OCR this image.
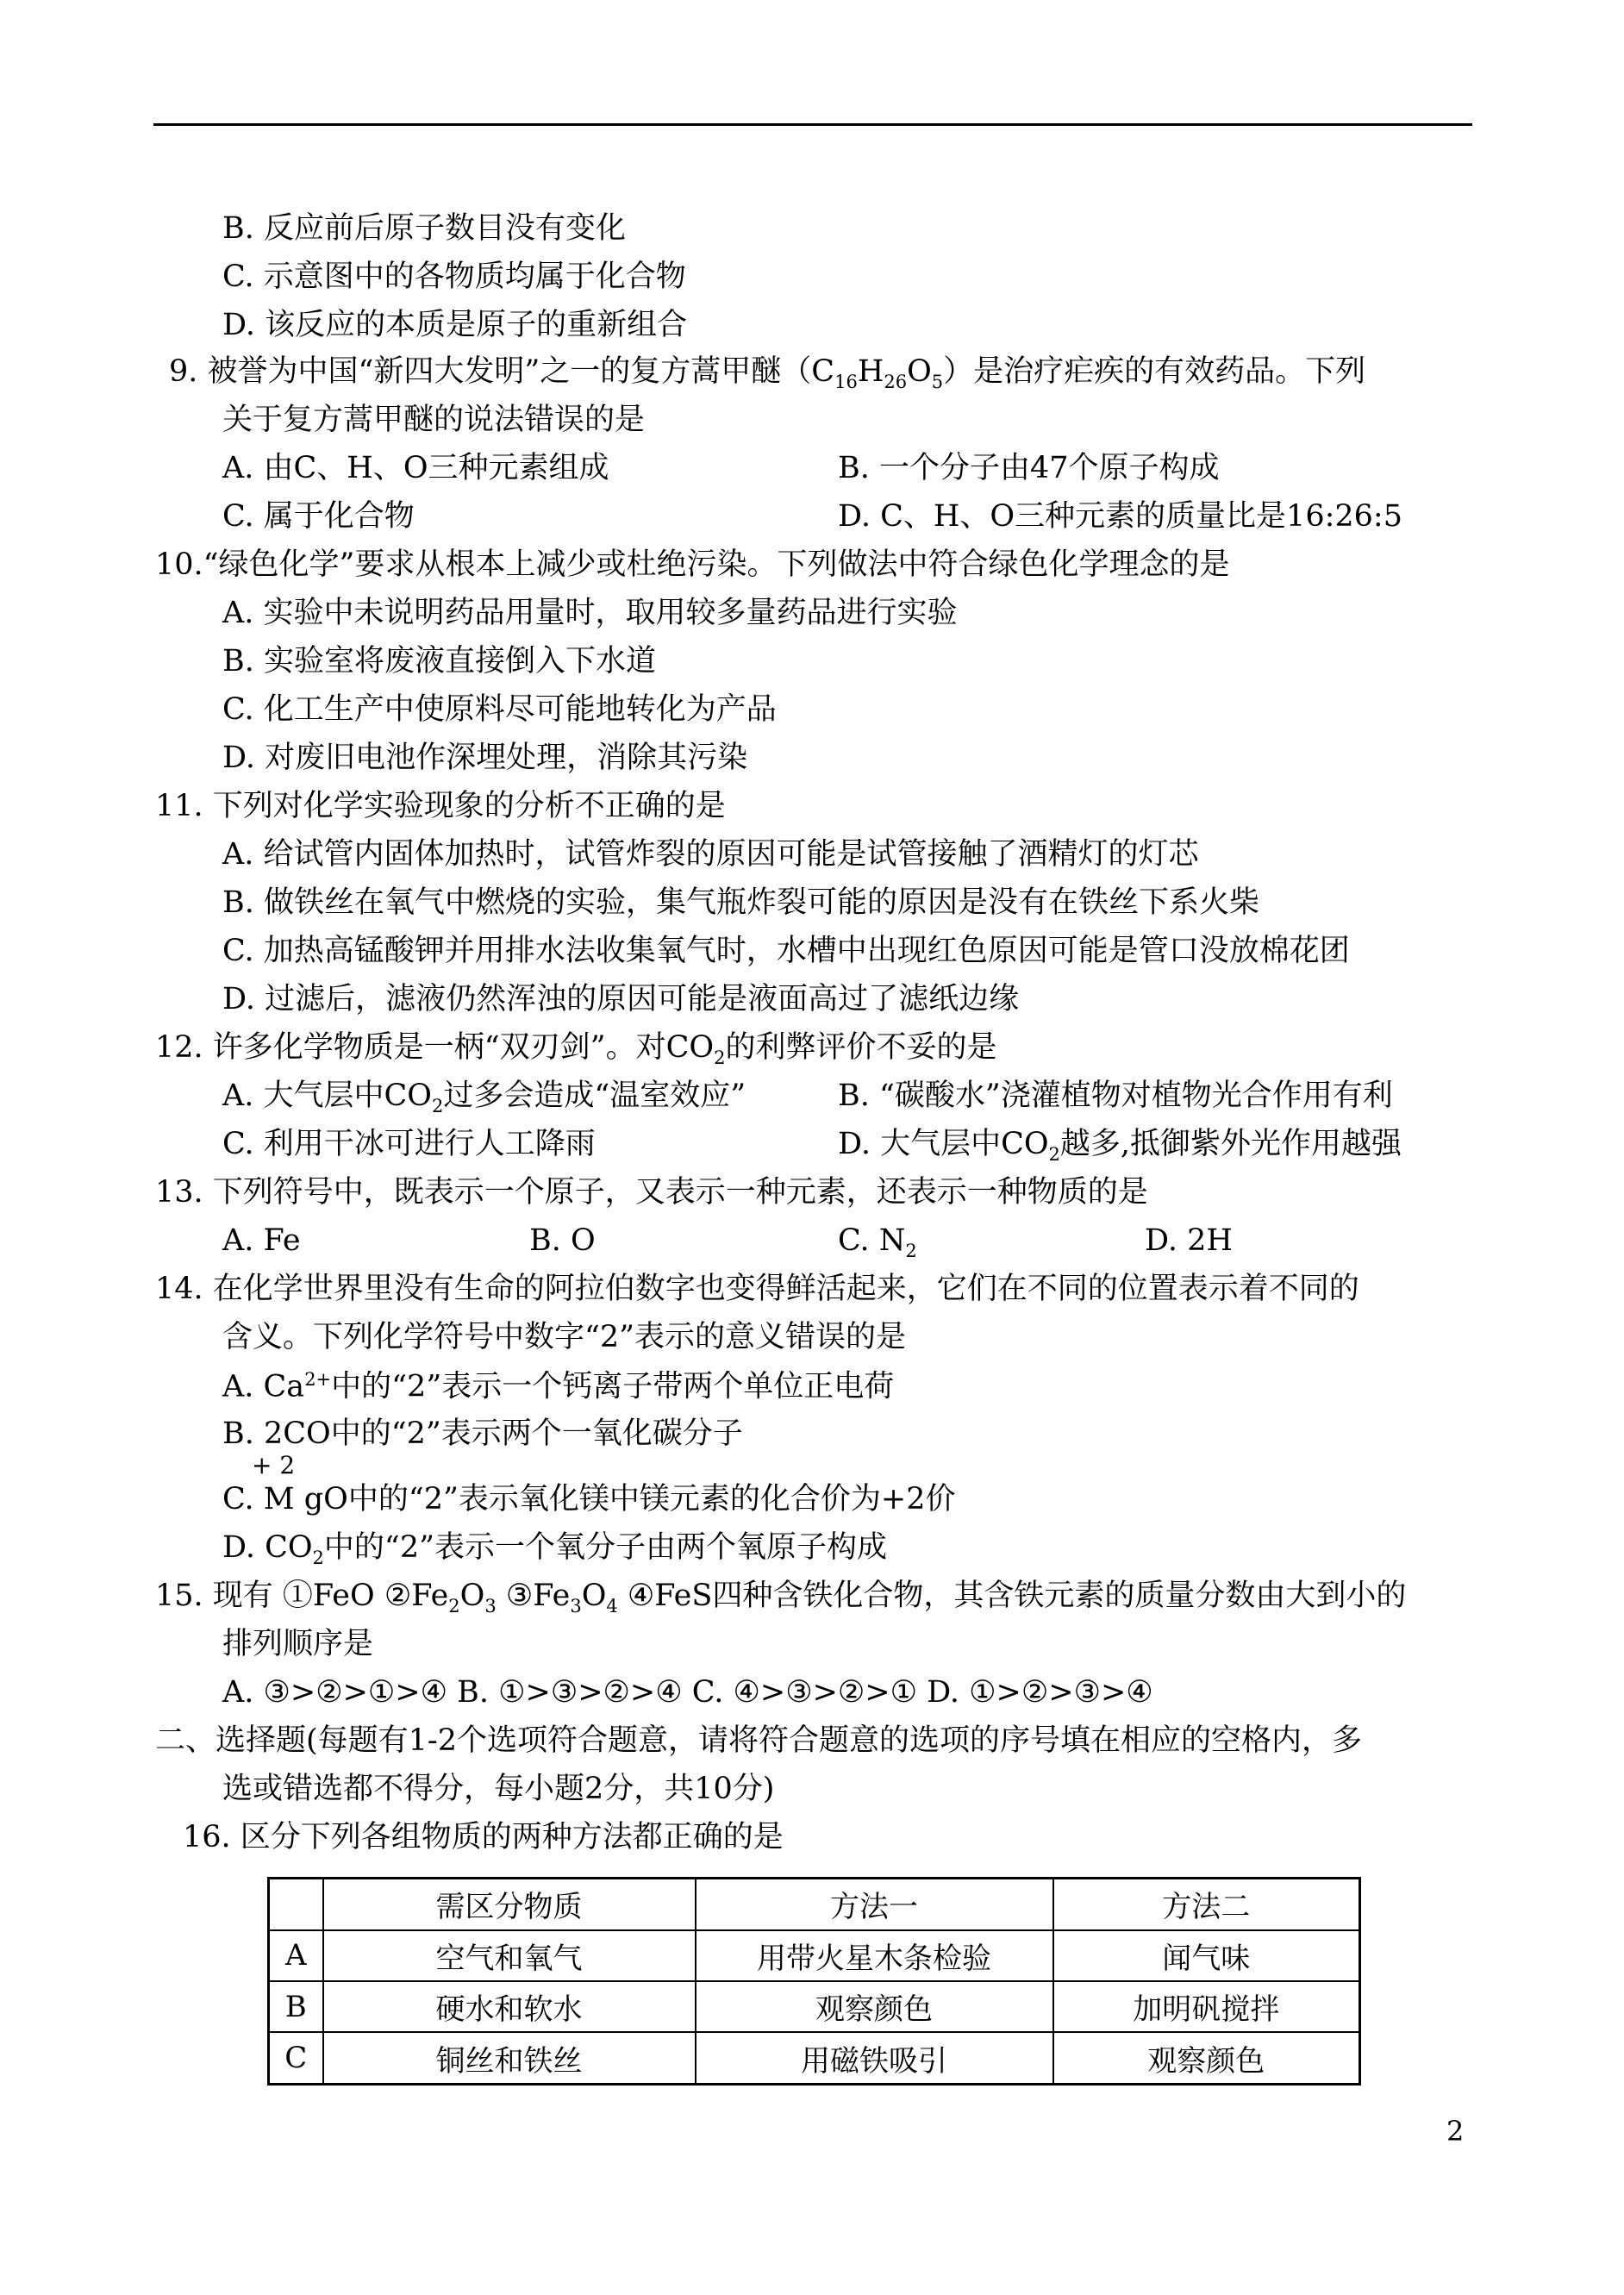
B. 反应前后原子数目没有变化
C. 示意图中的各物质均属于化合物
D. 该反应的本质是原子的重新组合
9. 被誉为中国“新四大发明”之一的复方蒿甲醚$(C_{16}H_{26}O_5)$是治疗疟疾的有效药品。下列
关于复方蒿甲醚的说法错误的是
A. 由C、H、O三种元素组成	B. 一个分子由47个原子构成
C. 属于化合物	D. C、H、O三种元素的质量比是16:26:5
10.“绿色化学”要求从根本上减少或杜绝污染。下列做法中符合绿色化学理念的是
A. 实验中未说明药品用量时，取用较多量药品进行实验
B. 实验室将废液直接倒入下水道
C. 化工生产中使原料尽可能地转化为产品
D. 对废旧电池作深埋处理，消除其污染
11. 下列对化学实验现象的分析不正确的是
A. 给试管内固体加热时，试管炸裂的原因可能是试管接触了酒精灯的灯芯
B. 做铁丝在氧气中燃烧的实验，集气瓶炸裂可能的原因是没有在铁丝下系火柴
C. 加热高锰酸钾并用排水法收集氧气时，水槽中出现红色原因可能是管口没放棉花团
D. 过滤后，滤液仍然浑浊的原因可能是液面高过了滤纸边缘
12. 许多化学物质是一柄“双刃剑”。对$CO_2$的利弊评价不妥的是
A. 大气层中$CO_2$过多会造成“温室效应”	B. “碳酸水”浇灌植物对植物光合作用有利
C. 利用干冰可进行人工降雨	D. 大气层中$CO_2$越多,抵御紫外光作用越强
13. 下列符号中，既表示一个原子，又表示一种元素，还表示一种物质的是
A. Fe	B. O	C. $N_2$	D. 2H
14. 在化学世界里没有生命的阿拉伯数字也变得鲜活起来，它们在不同的位置表示着不同的
含义。下列化学符号中数字“2”表示的意义错误的是
A. $Ca^{2+}$中的“2”表示一个钙离子带两个单位正电荷
B. 2CO中的“2”表示两个一氧化碳分子
+ 2
C. M gO中的“2”表示氧化镁中镁元素的化合价为+2价
D. $CO_2$中的“2”表示一个氧分子由两个氧原子构成
15. 现有 ①FeO $②Fe_2O_3$ $③Fe_3O_4$ ④FeS四种含铁化合物，其含铁元素的质量分数由大到小的
排列顺序是
A. ③>②>①>④ B. ①>③>②>④ C. ④>③>②>① D. ①>②>③>④
二、选择题(每题有1-2个选项符合题意，请将符合题意的选项的序号填在相应的空格内，多
选或错选都不得分，每小题2分，共10分)
16. 区分下列各组物质的两种方法都正确的是
	需区分物质	方法一	方法二
A	空气和氧气	用带火星木条检验	闻气味
B	硬水和软水	观察颜色	加明矾搅拌
C	铜丝和铁丝	用磁铁吸引	观察颜色
2
